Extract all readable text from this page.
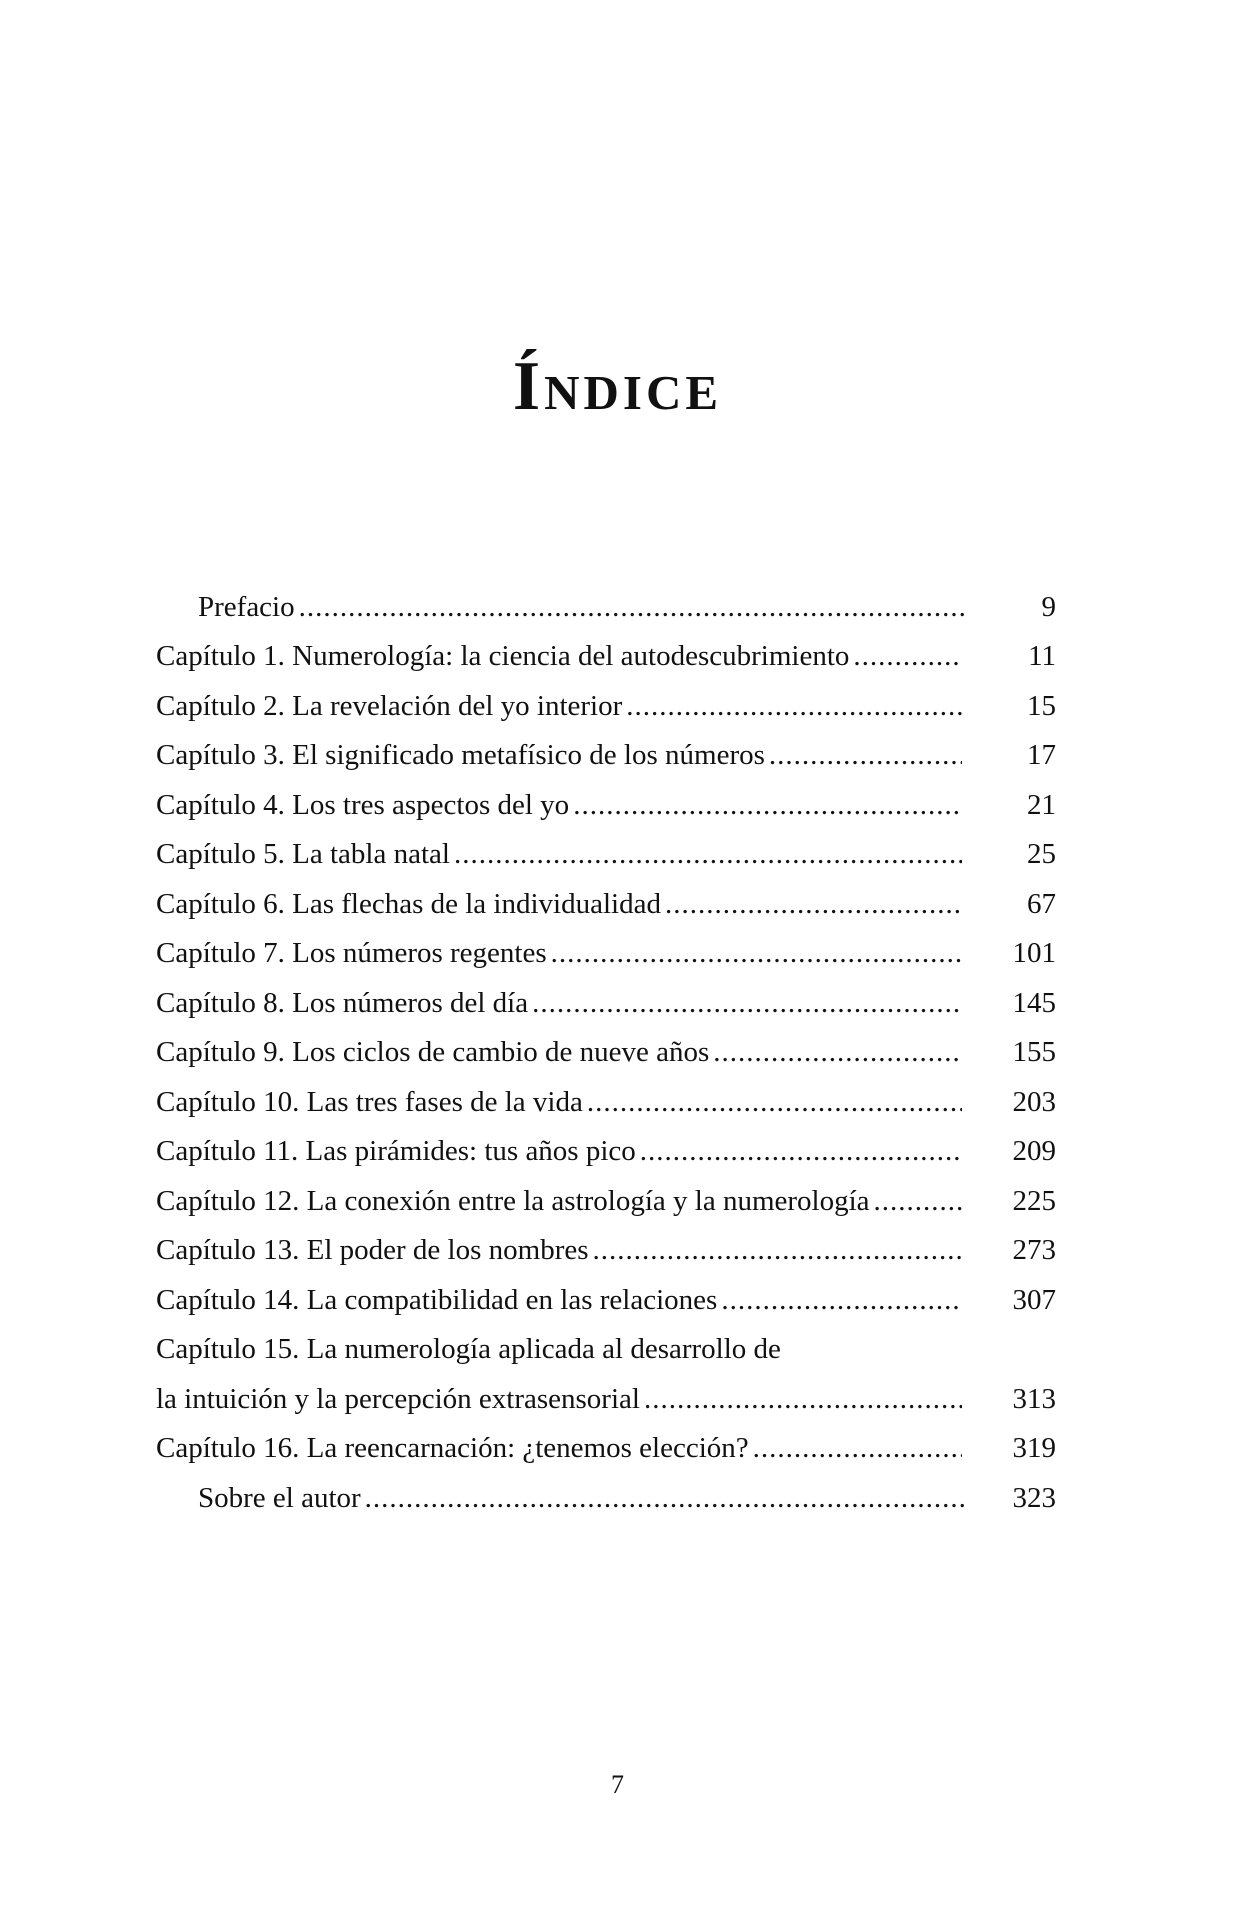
Índice
Prefacio .....	9
Capítulo 1. Numerología: la ciencia del autodescubrimiento .....	11
Capítulo 2. La revelación del yo interior .....	15
Capítulo 3. El significado metafísico de los números .....	17
Capítulo 4. Los tres aspectos del yo .....	21
Capítulo 5. La tabla natal .....	25
Capítulo 6. Las flechas de la individualidad .....	67
Capítulo 7. Los números regentes .....	101
Capítulo 8. Los números del día .....	145
Capítulo 9. Los ciclos de cambio de nueve años .....	155
Capítulo 10. Las tres fases de la vida .....	203
Capítulo 11. Las pirámides: tus años pico .....	209
Capítulo 12. La conexión entre la astrología y la numerología .....	225
Capítulo 13. El poder de los nombres .....	273
Capítulo 14. La compatibilidad en las relaciones .....	307
Capítulo 15. La numerología aplicada al desarrollo de
la intuición y la percepción extrasensorial .....	313
Capítulo 16. La reencarnación: ¿tenemos elección? .....	319
Sobre el autor .....	323
7
